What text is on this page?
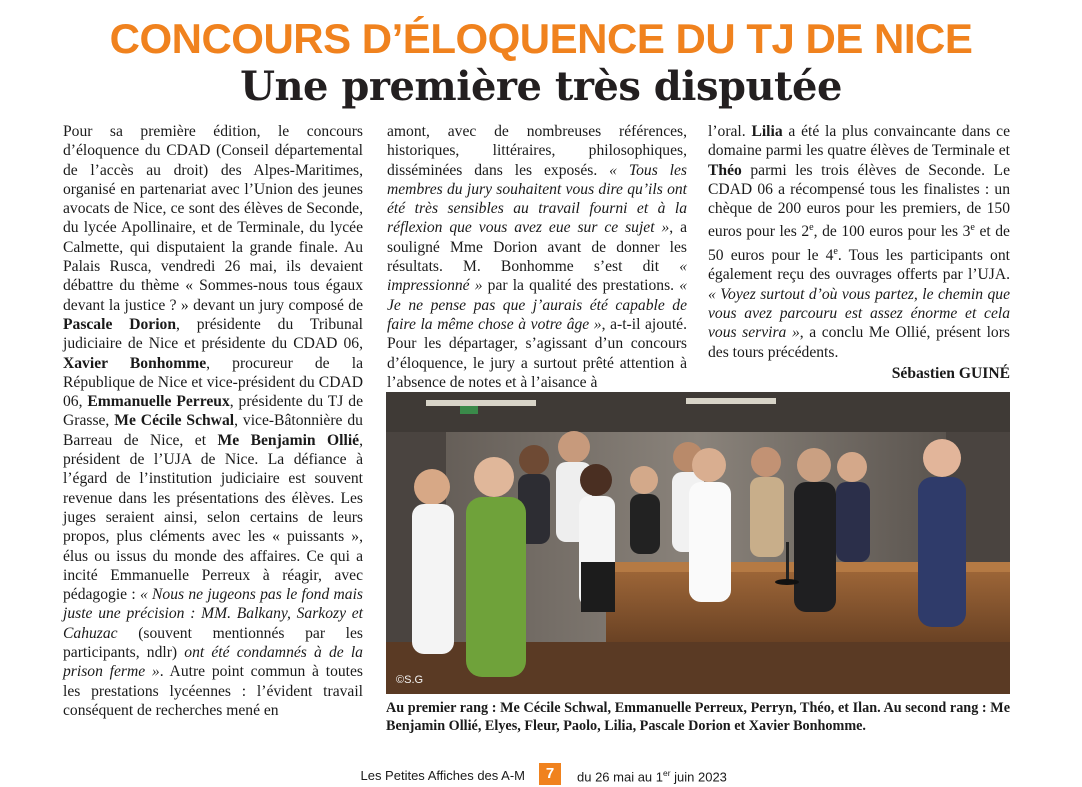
CONCOURS D’ÉLOQUENCE DU TJ DE NICE
Une première très disputée

Pour sa première édition, le concours d’éloquence du CDAD (Conseil départemental de l’accès au droit) des Alpes-Maritimes, organisé en partenariat avec l’Union des jeunes avocats de Nice, ce sont des élèves de Seconde, du lycée Apollinaire, et de Terminale, du lycée Calmette, qui disputaient la grande finale. Au Palais Rusca, vendredi 26 mai, ils devaient débattre du thème « Sommes-nous tous égaux devant la justice ? » devant un jury composé de Pascale Dorion, présidente du Tribunal judiciaire de Nice et présidente du CDAD 06, Xavier Bonhomme, procureur de la République de Nice et vice-président du CDAD 06, Emmanuelle Perreux, présidente du TJ de Grasse, Me Cécile Schwal, vice-Bâtonnière du Barreau de Nice, et Me Benjamin Ollié, président de l’UJA de Nice. La défiance à l’égard de l’institution judiciaire est souvent revenue dans les présentations des élèves. Les juges seraient ainsi, selon certains de leurs propos, plus cléments avec les « puissants », élus ou issus du monde des affaires. Ce qui a incité Emmanuelle Perreux à réagir, avec pédagogie : « Nous ne jugeons pas le fond mais juste une précision : MM. Balkany, Sarkozy et Cahuzac (souvent mentionnés par les participants, ndlr) ont été condamnés à de la prison ferme ». Autre point commun à toutes les prestations lycéennes : l’évident travail conséquent de recherches mené en

amont, avec de nombreuses références, historiques, littéraires, philosophiques, disséminées dans les exposés. « Tous les membres du jury souhaitent vous dire qu’ils ont été très sensibles au travail fourni et à la réflexion que vous avez eue sur ce sujet », a souligné Mme Dorion avant de donner les résultats. M. Bonhomme s’est dit « impressionné » par la qualité des prestations. « Je ne pense pas que j’aurais été capable de faire la même chose à votre âge », a-t-il ajouté. Pour les départager, s’agissant d’un concours d’éloquence, le jury a surtout prêté attention à l’absence de notes et à l’aisance à

l’oral. Lilia a été la plus convaincante dans ce domaine parmi les quatre élèves de Terminale et Théo parmi les trois élèves de Seconde. Le CDAD 06 a récompensé tous les finalistes : un chèque de 200 euros pour les premiers, de 150 euros pour les 2e, de 100 euros pour les 3e et de 50 euros pour le 4e. Tous les participants ont également reçu des ouvrages offerts par l’UJA. « Voyez surtout d’où vous partez, le chemin que vous avez parcouru est assez énorme et cela vous servira », a conclu Me Ollié, présent lors des tours précédents.

Sébastien GUINÉ
©S.G
Au premier rang : Me Cécile Schwal, Emmanuelle Perreux, Perryn, Théo, et Ilan. Au second rang : Me Benjamin Ollié, Elyes, Fleur, Paolo, Lilia, Pascale Dorion et Xavier Bonhomme.
Les Petites Affiches des A-M	7	du 26 mai au 1er juin 2023
